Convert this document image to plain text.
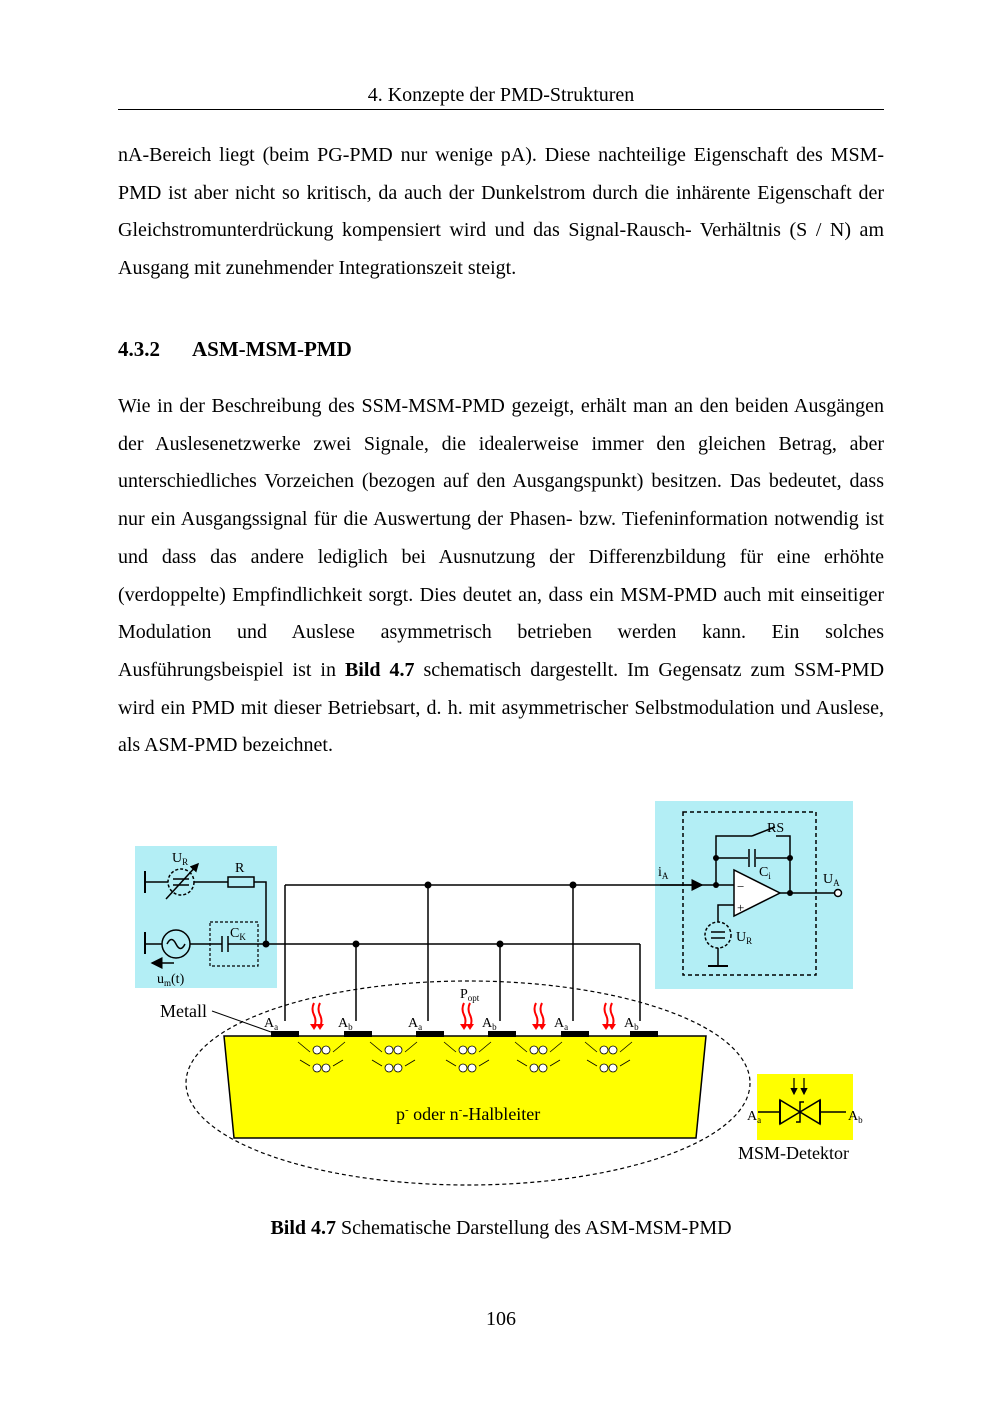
4. Konzepte der PMD-Strukturen
nA-Bereich liegt (beim PG-PMD nur wenige pA). Diese nachteilige Eigenschaft des MSM-PMD ist aber nicht so kritisch, da auch der Dunkelstrom durch die inhärente Eigenschaft der Gleichstromunterdrückung kompensiert wird und das Signal-Rausch- Verhältnis (S / N) am Ausgang mit zunehmender Integrationszeit steigt.
4.3.2 ASM-MSM-PMD
Wie in der Beschreibung des SSM-MSM-PMD gezeigt, erhält man an den beiden Ausgängen der Auslesenetzwerke zwei Signale, die idealerweise immer den gleichen Betrag, aber unterschiedliches Vorzeichen (bezogen auf den Ausgangspunkt) besitzen. Das bedeutet, dass nur ein Ausgangssignal für die Auswertung der Phasen- bzw. Tiefeninformation notwendig ist und dass das andere lediglich bei Ausnutzung der Differenzbildung für eine erhöhte (verdoppelte) Empfindlichkeit sorgt. Dies deutet an, dass ein MSM-PMD auch mit einseitiger Modulation und Auslese asymmetrisch betrieben werden kann. Ein solches Ausführungsbeispiel ist in Bild 4.7 schematisch dargestellt. Im Gegensatz zum SSM-PMD wird ein PMD mit dieser Betriebsart, d. h. mit asymmetrischer Selbstmodulation und Auslese, als ASM-PMD bezeichnet.
$U_R$	R
$C_K$
$u_m(t)$
Metall
$P_{opt}$
$A_a$	$A_b$	$A_a$	$A_b$	$A_a$	$A_b$
$i_A$
RS
$C_i$	$U_A$
−
+
$U_R$
p- oder n--Halbleiter	$A_a$	$A_b$
MSM-Detektor
Bild 4.7 Schematische Darstellung des ASM-MSM-PMD
106
